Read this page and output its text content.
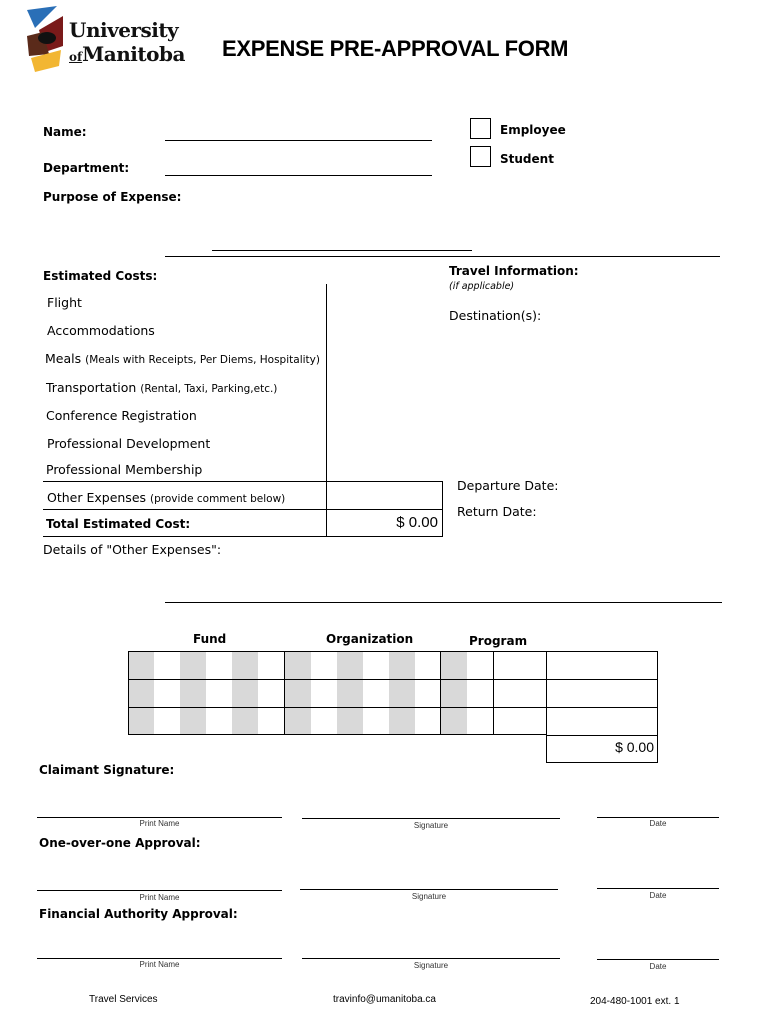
University
ofManitoba EXPENSE PRE-APPROVAL FORM
Name:
Department:
Employee
Student
Purpose of Expense:
Estimated Costs:
Flight
Accommodations
Meals (Meals with Receipts, Per Diems, Hospitality)
Transportation (Rental, Taxi, Parking,etc.)
Conference Registration
Professional Development
Professional Membership
Other Expenses (provide comment below)
Total Estimated Cost:	$ 0.00
Details of "Other Expenses":
Travel Information:
(if applicable)
Destination(s):
Departure Date:
Return Date:
Fund	Organization	Program
$ 0.00
Claimant Signature:
Print Name	Signature	Date
One-over-one Approval:
Print Name	Signature	Date
Financial Authority Approval:
Print Name	Signature	Date
Travel Services	travinfo@umanitoba.ca	204-480-1001 ext. 1
